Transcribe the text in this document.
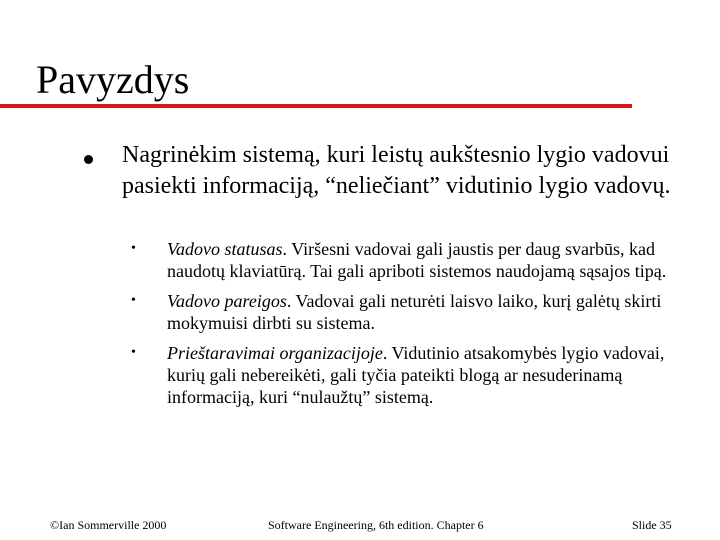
Pavyzdys

Nagrinėkim sistemą, kuri leistų aukštesnio lygio vadovui pasiekti informaciją, “neliečiant” vidutinio lygio vadovų.

• Vadovo statusas. Viršesni vadovai gali jaustis per daug svarbūs, kad naudotų klaviatūrą. Tai gali apriboti sistemos naudojamą sąsajos tipą.
• Vadovo pareigos. Vadovai gali neturėti laisvo laiko, kurį galėtų skirti mokymuisi dirbti su sistema.
• Prieštaravimai organizacijoje. Vidutinio atsakomybės lygio vadovai, kurių gali nebereikėti, gali tyčia pateikti blogą ar nesuderinamą informaciją, kuri “nulaužtų” sistemą.
©Ian Sommerville 2000	Software Engineering, 6th edition. Chapter 6	Slide 35
